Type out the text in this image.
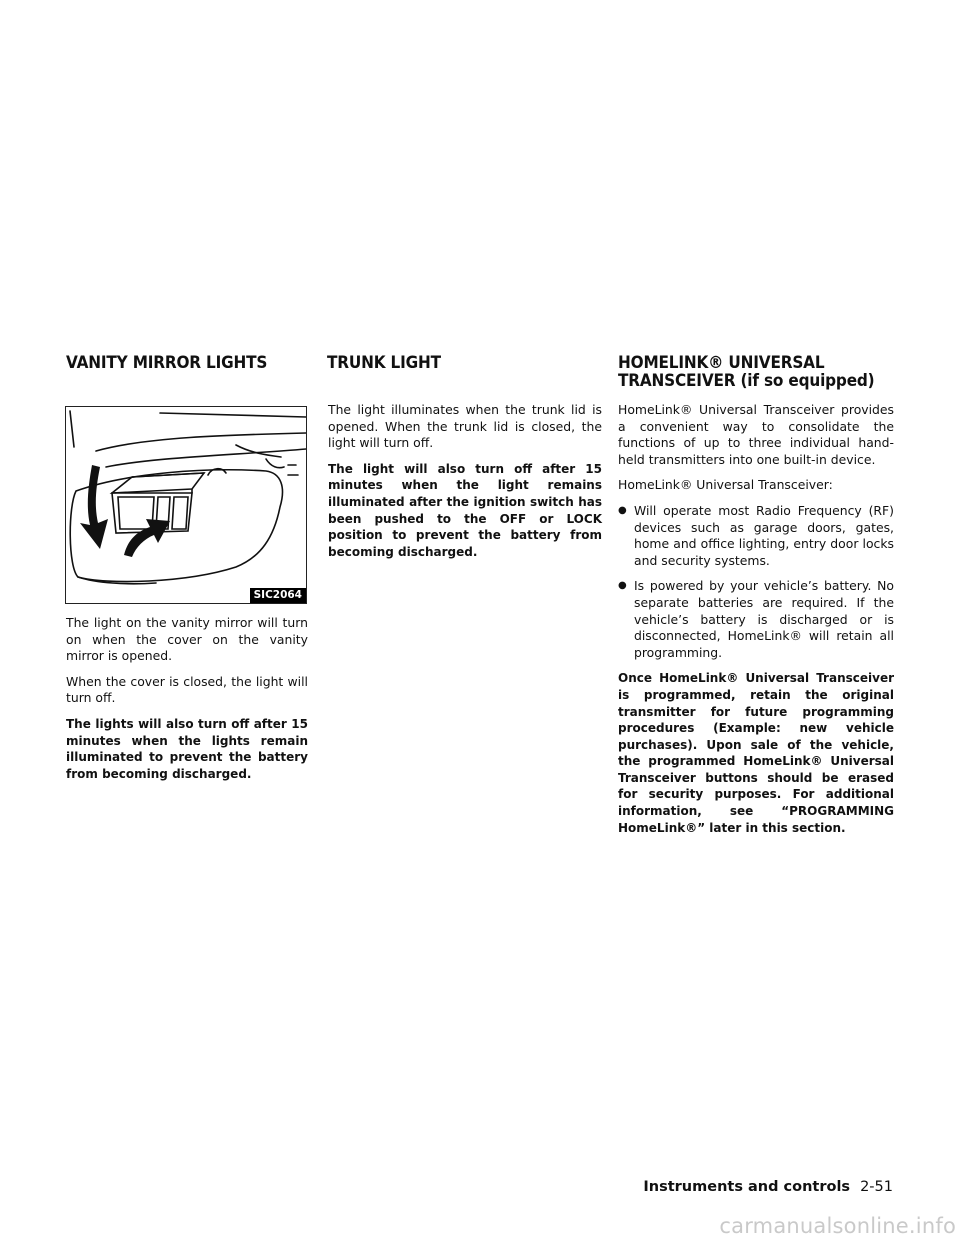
VANITY MIRROR LIGHTS	TRUNK LIGHT	HOMELINK® UNIVERSAL TRANSCEIVER (if so equipped)
SIC2064

The light on the vanity mirror will turn on when the cover on the vanity mirror is opened.

When the cover is closed, the light will turn off.

The lights will also turn off after 15 minutes when the lights remain illuminated to prevent the battery from becoming discharged.

The light illuminates when the trunk lid is opened. When the trunk lid is closed, the light will turn off.

The light will also turn off after 15 minutes when the light remains illuminated after the ignition switch has been pushed to the OFF or LOCK position to prevent the battery from becoming discharged.

HomeLink® Universal Transceiver provides a convenient way to consolidate the functions of up to three individual hand-held transmitters into one built-in device.

HomeLink® Universal Transceiver:

● Will operate most Radio Frequency (RF) devices such as garage doors, gates, home and office lighting, entry door locks and security systems.
● Is powered by your vehicle’s battery. No separate batteries are required. If the vehicle’s battery is discharged or is disconnected, HomeLink® will retain all programming.

Once HomeLink® Universal Transceiver is programmed, retain the original transmitter for future programming procedures (Example: new vehicle purchases). Upon sale of the vehicle, the programmed HomeLink® Universal Transceiver buttons should be erased for security purposes. For additional information, see “PROGRAMMING HomeLink®” later in this section.

Instruments and controls 2-51
carmanualsonline.info
